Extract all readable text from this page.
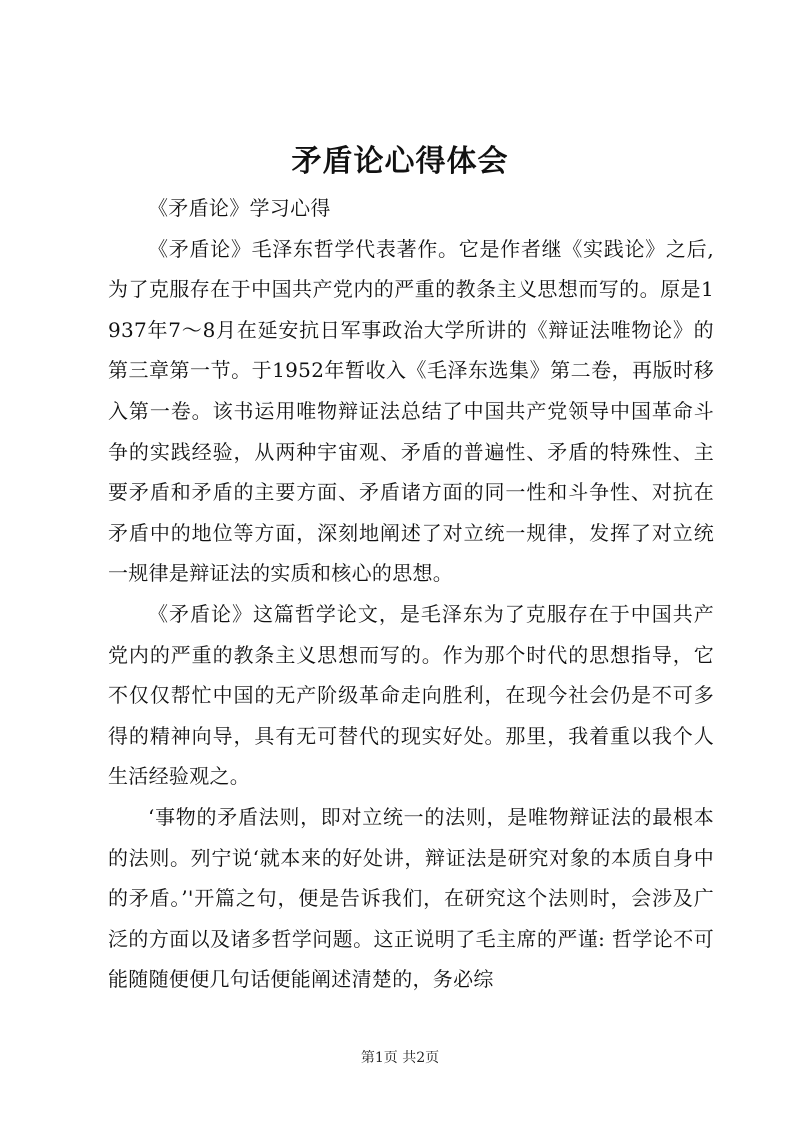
矛盾论心得体会

《矛盾论》学习心得

《矛盾论》毛泽东哲学代表著作。它是作者继《实践论》之后,为了克服存在于中国共产党内的严重的教条主义思想而写的。原是1937年7～8月在延安抗日军事政治大学所讲的《辩证法唯物论》的第三章第一节。于1952年暂收入《毛泽东选集》第二卷，再版时移入第一卷。该书运用唯物辩证法总结了中国共产党领导中国革命斗争的实践经验，从两种宇宙观、矛盾的普遍性、矛盾的特殊性、主要矛盾和矛盾的主要方面、矛盾诸方面的同一性和斗争性、对抗在矛盾中的地位等方面，深刻地阐述了对立统一规律，发挥了对立统一规律是辩证法的实质和核心的思想。

《矛盾论》这篇哲学论文，是毛泽东为了克服存在于中国共产党内的严重的教条主义思想而写的。作为那个时代的思想指导，它不仅仅帮忙中国的无产阶级革命走向胜利，在现今社会仍是不可多得的精神向导，具有无可替代的现实好处。那里，我着重以我个人生活经验观之。

‘事物的矛盾法则，即对立统一的法则，是唯物辩证法的最根本的法则。列宁说‘就本来的好处讲，辩证法是研究对象的本质自身中的矛盾。’'开篇之句，便是告诉我们，在研究这个法则时，会涉及广泛的方面以及诸多哲学问题。这正说明了毛主席的严谨: 哲学论不可能随随便便几句话便能阐述清楚的，务必综

第1页 共2页
